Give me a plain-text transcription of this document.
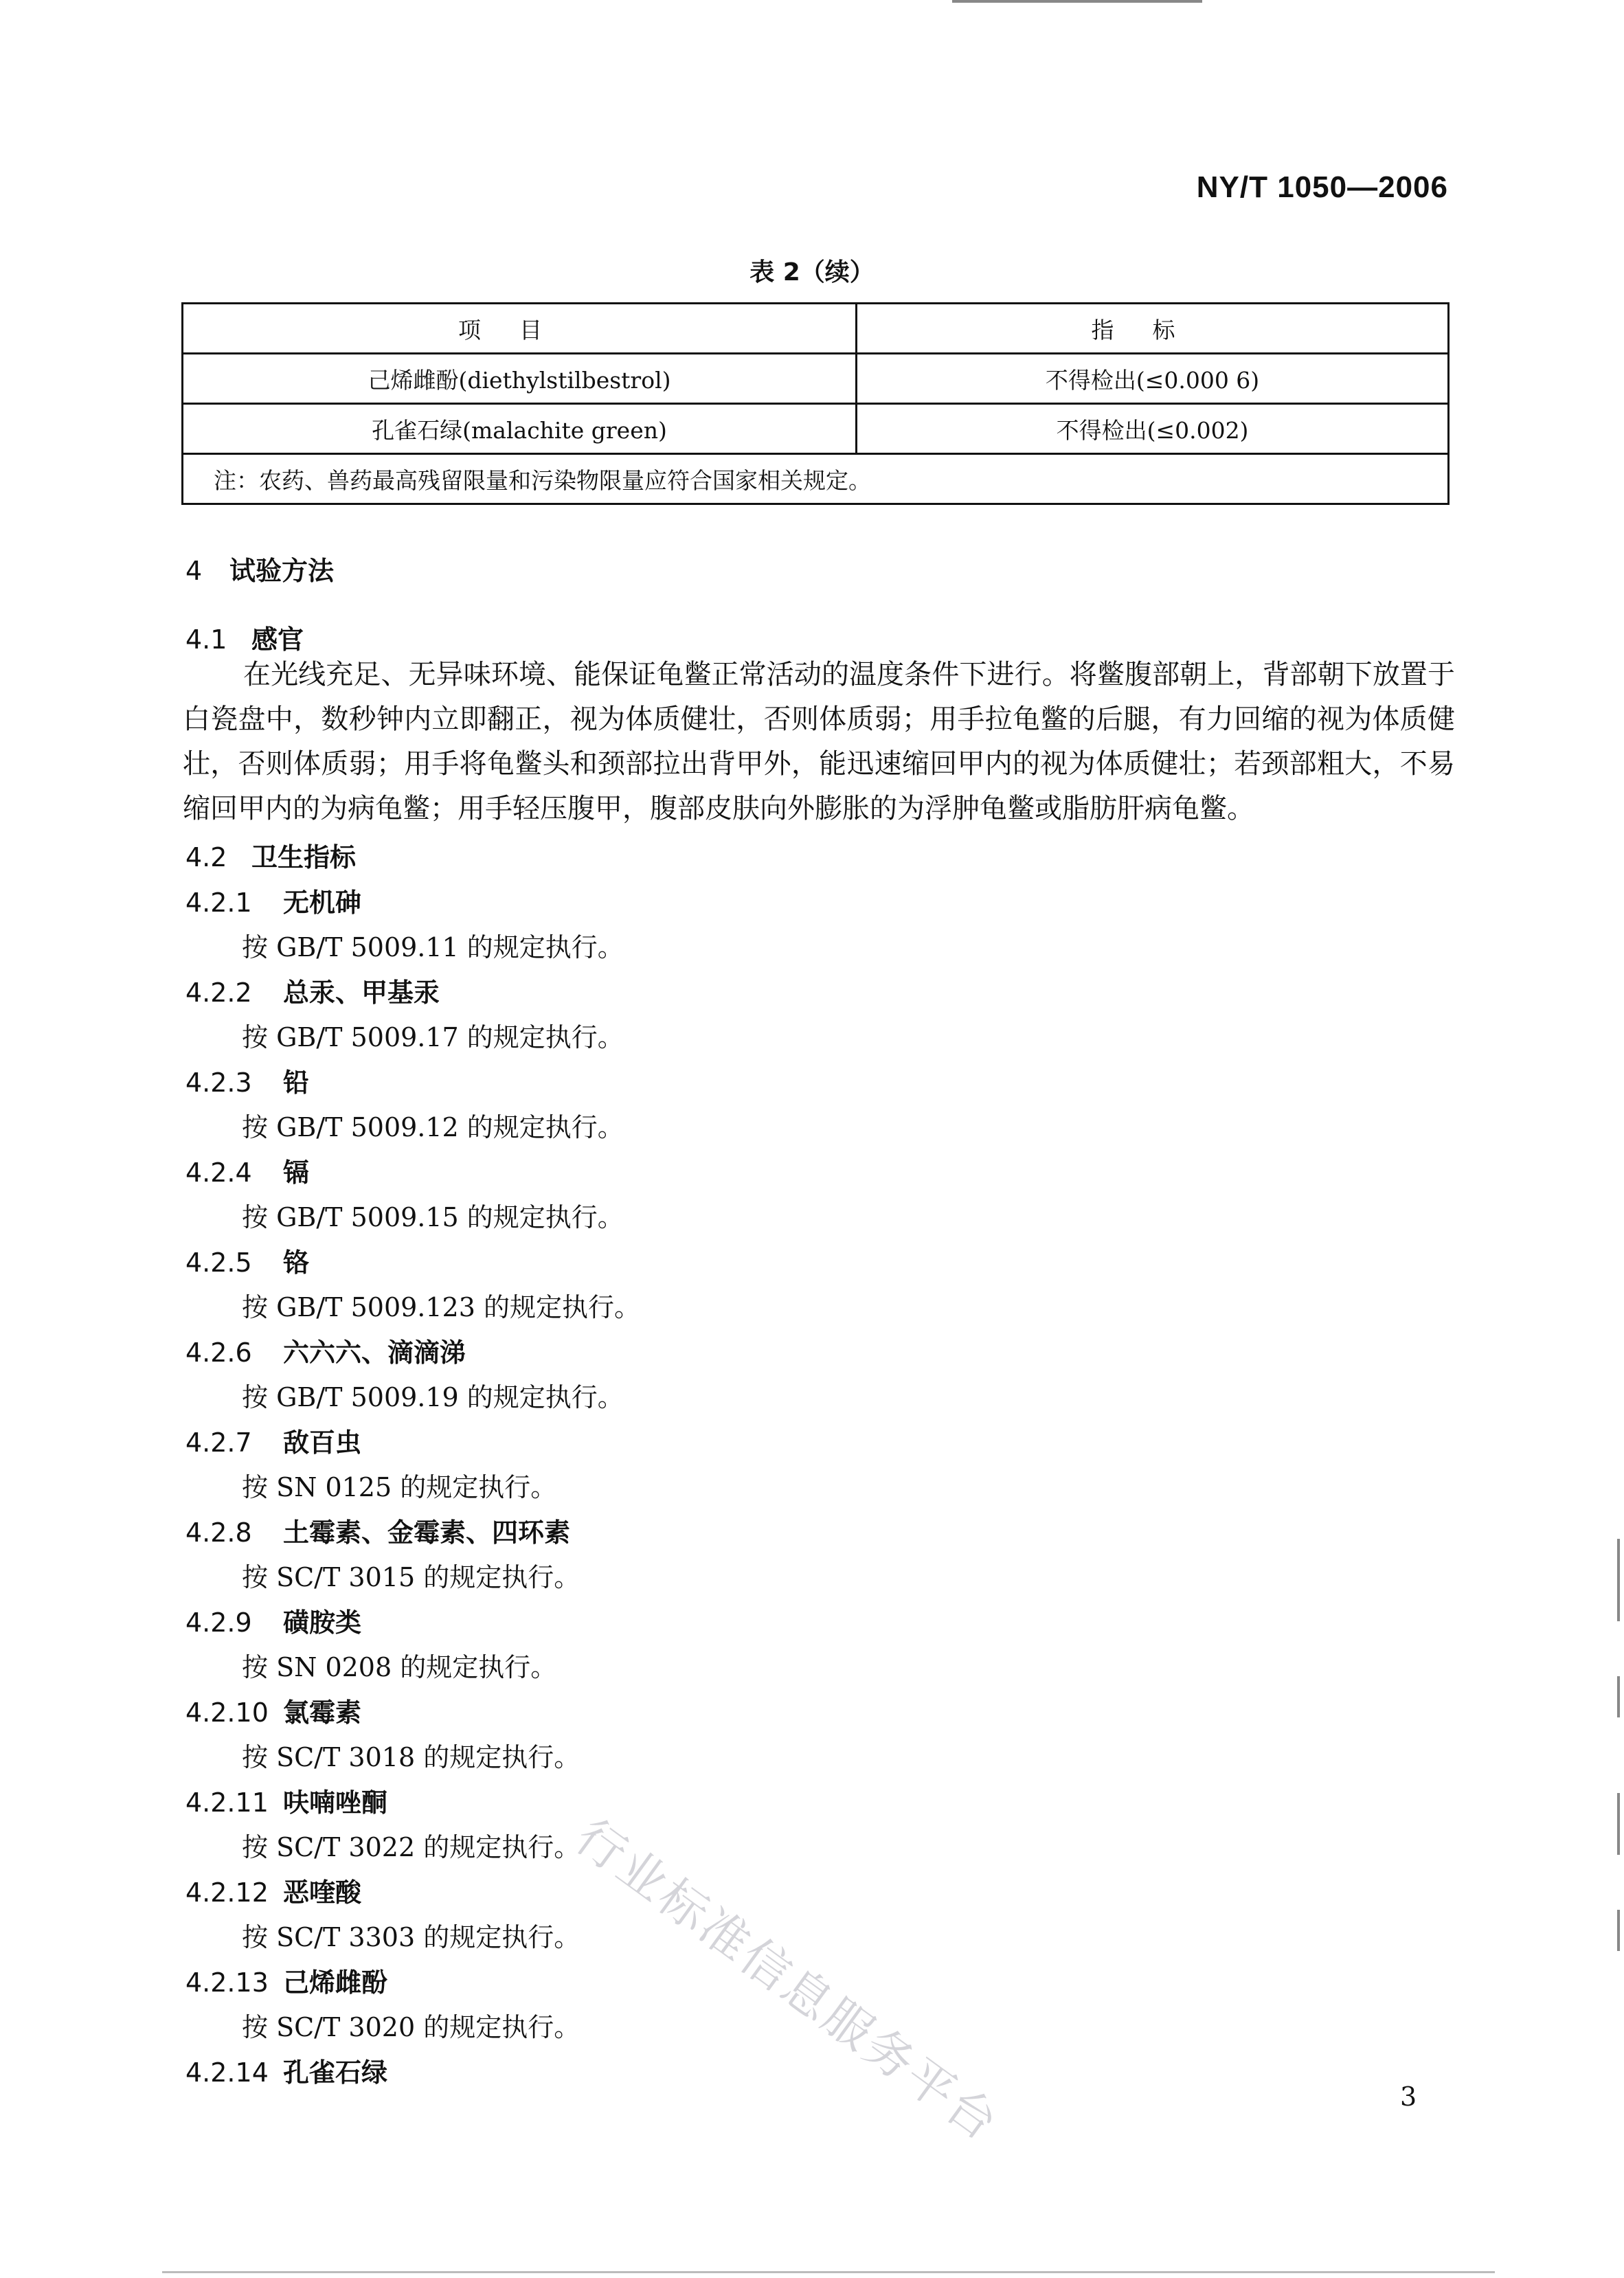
NY/T 1050—2006
表 2（续）
项目	指标
己烯雌酚(diethylstilbestrol)	不得检出(≤0.000 6)
孔雀石绿(malachite green)	不得检出(≤0.002)
注：农药、兽药最高残留限量和污染物限量应符合国家相关规定。	
4 试验方法
4.1 感官
在光线充足、无异味环境、能保证龟鳖正常活动的温度条件下进行。将鳖腹部朝上，背部朝下放置于白瓷盘中，数秒钟内立即翻正，视为体质健壮，否则体质弱；用手拉龟鳖的后腿，有力回缩的视为体质健壮，否则体质弱；用手将龟鳖头和颈部拉出背甲外，能迅速缩回甲内的视为体质健壮；若颈部粗大，不易缩回甲内的为病龟鳖；用手轻压腹甲，腹部皮肤向外膨胀的为浮肿龟鳖或脂肪肝病龟鳖。
4.2 卫生指标
4.2.1 无机砷
按 GB/T 5009.11 的规定执行。
4.2.2 总汞、甲基汞
按 GB/T 5009.17 的规定执行。
4.2.3 铅
按 GB/T 5009.12 的规定执行。
4.2.4 镉
按 GB/T 5009.15 的规定执行。
4.2.5 铬
按 GB/T 5009.123 的规定执行。
4.2.6 六六六、滴滴涕
按 GB/T 5009.19 的规定执行。
4.2.7 敌百虫
按 SN 0125 的规定执行。
4.2.8 土霉素、金霉素、四环素
按 SC/T 3015 的规定执行。
4.2.9 磺胺类
按 SN 0208 的规定执行。
4.2.10 氯霉素
按 SC/T 3018 的规定执行。
4.2.11 呋喃唑酮
按 SC/T 3022 的规定执行。
4.2.12 恶喹酸
按 SC/T 3303 的规定执行。
4.2.13 己烯雌酚
按 SC/T 3020 的规定执行。
4.2.14 孔雀石绿
3
行业标准信息服务平台
